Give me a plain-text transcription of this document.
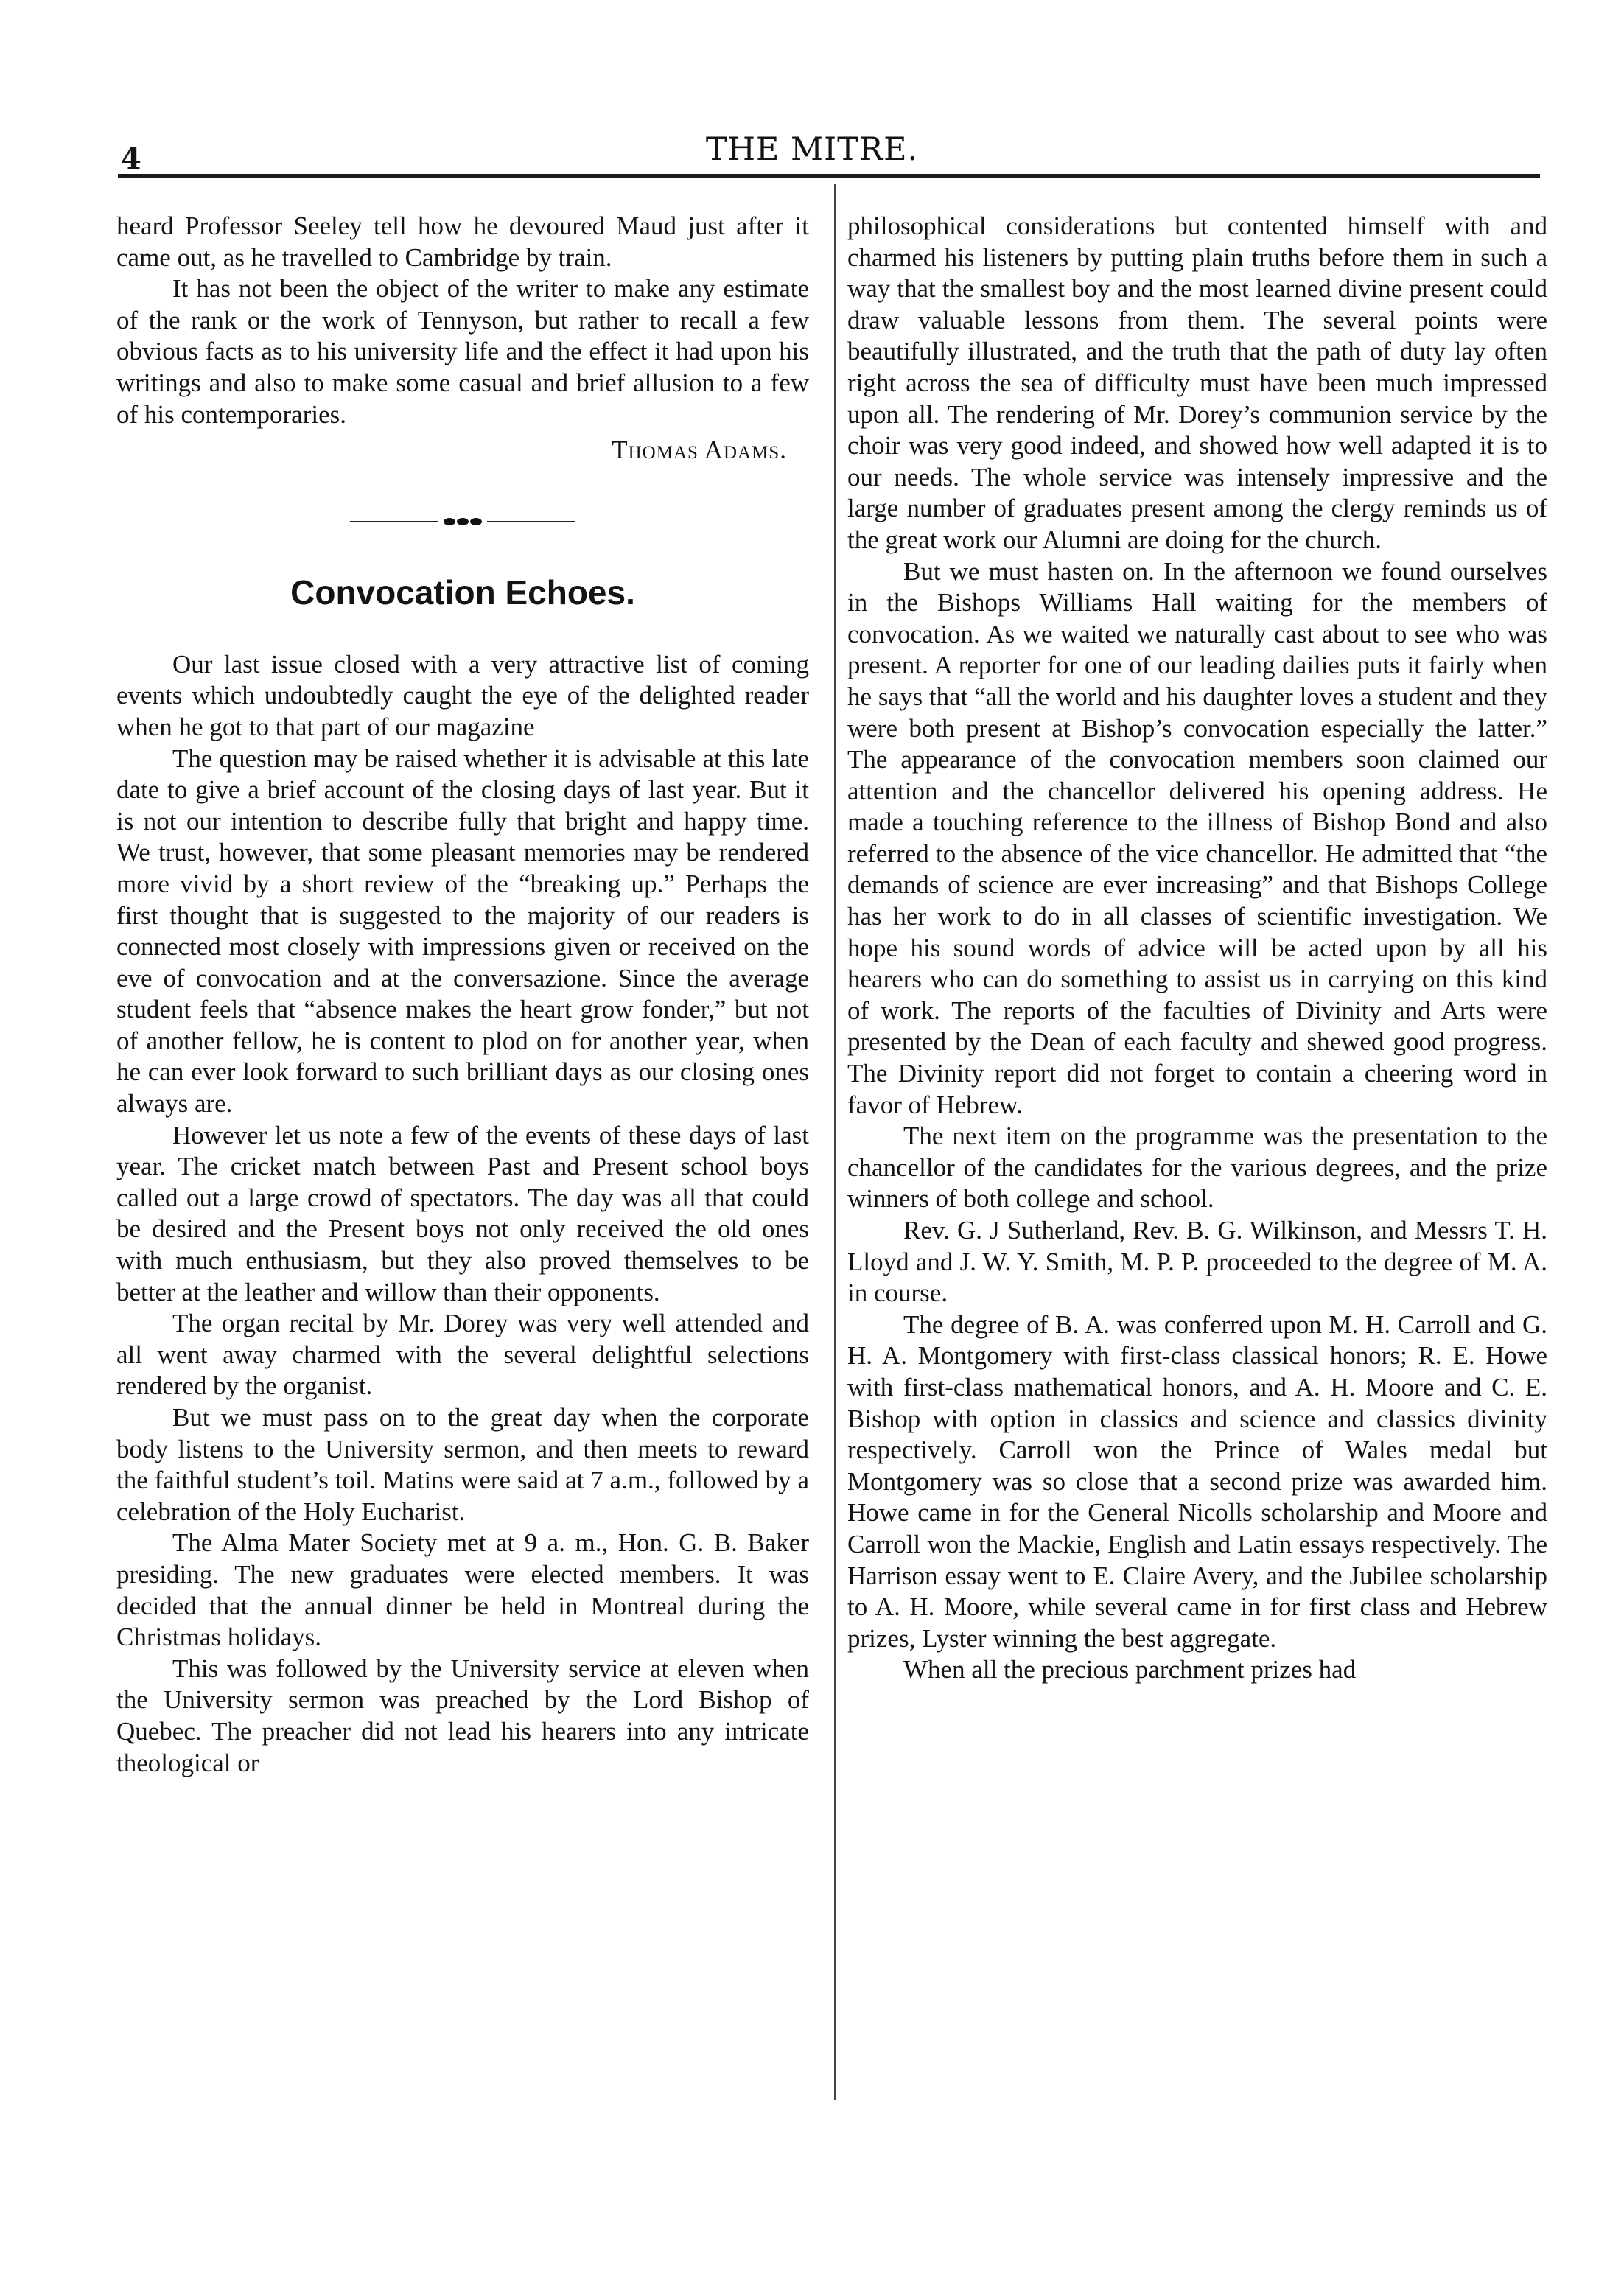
4	THE MITRE.

heard Professor Seeley tell how he devoured Maud just after it came out, as he travelled to Cambridge by train.

It has not been the object of the writer to make any estimate of the rank or the work of Tennyson, but rather to recall a few obvious facts as to his university life and the effect it had upon his writings and also to make some casual and brief allusion to a few of his contemporaries.

Thomas Adams.
Convocation Echoes.

Our last issue closed with a very attractive list of coming events which undoubtedly caught the eye of the delighted reader when he got to that part of our magazine

The question may be raised whether it is advisable at this late date to give a brief account of the closing days of last year. But it is not our intention to describe fully that bright and happy time. We trust, however, that some pleasant memories may be rendered more vivid by a short review of the “breaking up.” Perhaps the first thought that is suggested to the majority of our readers is connected most closely with impressions given or received on the eve of convocation and at the conversazione. Since the average student feels that “absence makes the heart grow fonder,” but not of another fellow, he is content to plod on for another year, when he can ever look forward to such brilliant days as our closing ones always are.

However let us note a few of the events of these days of last year. The cricket match between Past and Present school boys called out a large crowd of spectators. The day was all that could be desired and the Present boys not only received the old ones with much enthusiasm, but they also proved themselves to be better at the leather and willow than their opponents.

The organ recital by Mr. Dorey was very well attended and all went away charmed with the several delightful selections rendered by the organist.

But we must pass on to the great day when the corporate body listens to the University sermon, and then meets to reward the faithful student’s toil. Matins were said at 7 a.m., followed by a celebration of the Holy Eucharist.

The Alma Mater Society met at 9 a. m., Hon. G. B. Baker presiding. The new graduates were elected members. It was decided that the annual dinner be held in Montreal during the Christmas holidays.

This was followed by the University service at eleven when the University sermon was preached by the Lord Bishop of Quebec. The preacher did not lead his hearers into any intricate theological or

philosophical considerations but contented himself with and charmed his listeners by putting plain truths before them in such a way that the smallest boy and the most learned divine present could draw valuable lessons from them. The several points were beautifully illustrated, and the truth that the path of duty lay often right across the sea of difficulty must have been much impressed upon all. The rendering of Mr. Dorey’s communion service by the choir was very good indeed, and showed how well adapted it is to our needs. The whole service was intensely impressive and the large number of graduates present among the clergy reminds us of the great work our Alumni are doing for the church.

But we must hasten on. In the afternoon we found ourselves in the Bishops Williams Hall waiting for the members of convocation. As we waited we naturally cast about to see who was present. A reporter for one of our leading dailies puts it fairly when he says that “all the world and his daughter loves a student and they were both present at Bishop’s convocation especially the latter.” The appearance of the convocation members soon claimed our attention and the chancellor delivered his opening address. He made a touching reference to the illness of Bishop Bond and also referred to the absence of the vice chancellor. He admitted that “the demands of science are ever increasing” and that Bishops College has her work to do in all classes of scientific investigation. We hope his sound words of advice will be acted upon by all his hearers who can do something to assist us in carrying on this kind of work. The reports of the faculties of Divinity and Arts were presented by the Dean of each faculty and shewed good progress. The Divinity report did not forget to contain a cheering word in favor of Hebrew.

The next item on the programme was the presentation to the chancellor of the candidates for the various degrees, and the prize winners of both college and school.

Rev. G. J Sutherland, Rev. B. G. Wilkinson, and Messrs T. H. Lloyd and J. W. Y. Smith, M. P. P. proceeded to the degree of M. A. in course.

The degree of B. A. was conferred upon M. H. Carroll and G. H. A. Montgomery with first-class classical honors; R. E. Howe with first-class mathematical honors, and A. H. Moore and C. E. Bishop with option in classics and science and classics divinity respectively. Carroll won the Prince of Wales medal but Montgomery was so close that a second prize was awarded him. Howe came in for the General Nicolls scholarship and Moore and Carroll won the Mackie, English and Latin essays respectively. The Harrison essay went to E. Claire Avery, and the Jubilee scholarship to A. H. Moore, while several came in for first class and Hebrew prizes, Lyster winning the best aggregate.

When all the precious parchment prizes had
